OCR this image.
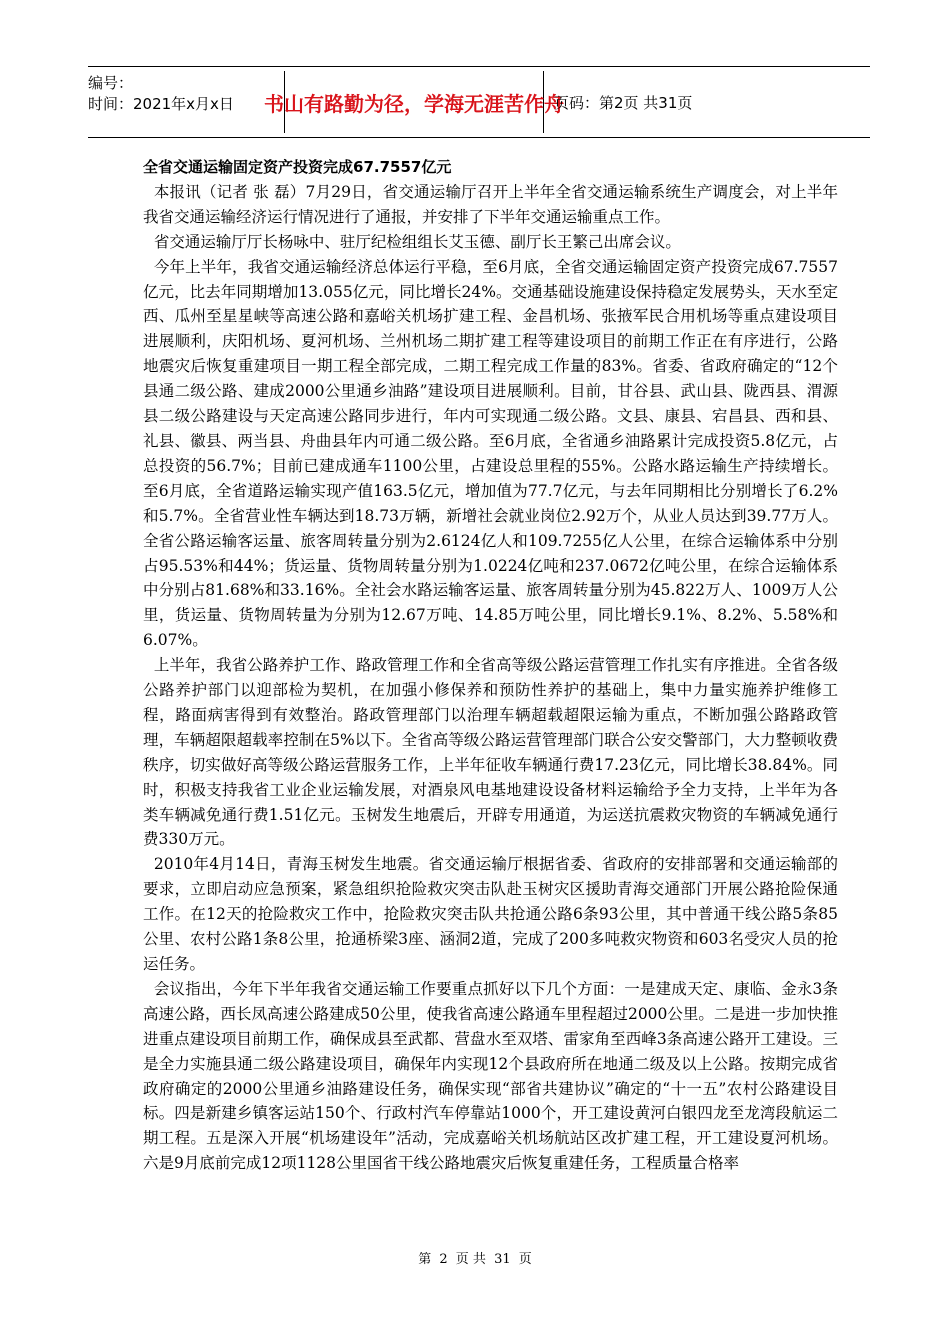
编号：
时间：2021年x月x日	书山有路勤为径，学海无涯苦作舟
页码：第2页 共31页
全省交通运输固定资产投资完成67.7557亿元
本报讯（记者 张 磊）7月29日，省交通运输厅召开上半年全省交通运输系统生产调度会，对上半年我省交通运输经济运行情况进行了通报，并安排了下半年交通运输重点工作。
省交通运输厅厅长杨咏中、驻厅纪检组组长艾玉德、副厅长王繁己出席会议。
今年上半年，我省交通运输经济总体运行平稳，至6月底，全省交通运输固定资产投资完成67.7557亿元，比去年同期增加13.055亿元，同比增长24%。交通基础设施建设保持稳定发展势头，天水至定西、瓜州至星星峡等高速公路和嘉峪关机场扩建工程、金昌机场、张掖军民合用机场等重点建设项目进展顺利，庆阳机场、夏河机场、兰州机场二期扩建工程等建设项目的前期工作正在有序进行，公路地震灾后恢复重建项目一期工程全部完成，二期工程完成工作量的83%。省委、省政府确定的“12个县通二级公路、建成2000公里通乡油路”建设项目进展顺利。目前，甘谷县、武山县、陇西县、渭源县二级公路建设与天定高速公路同步进行，年内可实现通二级公路。文县、康县、宕昌县、西和县、礼县、徽县、两当县、舟曲县年内可通二级公路。至6月底，全省通乡油路累计完成投资5.8亿元，占总投资的56.7%；目前已建成通车1100公里，占建设总里程的55%。公路水路运输生产持续增长。至6月底，全省道路运输实现产值163.5亿元，增加值为77.7亿元，与去年同期相比分别增长了6.2%和5.7%。全省营业性车辆达到18.73万辆，新增社会就业岗位2.92万个，从业人员达到39.77万人。全省公路运输客运量、旅客周转量分别为2.6124亿人和109.7255亿人公里，在综合运输体系中分别占95.53%和44%；货运量、货物周转量分别为1.0224亿吨和237.0672亿吨公里，在综合运输体系中分别占81.68%和33.16%。全社会水路运输客运量、旅客周转量分别为45.822万人、1009万人公里，货运量、货物周转量为分别为12.67万吨、14.85万吨公里，同比增长9.1%、8.2%、5.58%和6.07%。
上半年，我省公路养护工作、路政管理工作和全省高等级公路运营管理工作扎实有序推进。全省各级公路养护部门以迎部检为契机，在加强小修保养和预防性养护的基础上，集中力量实施养护维修工程，路面病害得到有效整治。路政管理部门以治理车辆超载超限运输为重点，不断加强公路路政管理，车辆超限超载率控制在5%以下。全省高等级公路运营管理部门联合公安交警部门，大力整顿收费秩序，切实做好高等级公路运营服务工作，上半年征收车辆通行费17.23亿元，同比增长38.84%。同时，积极支持我省工业企业运输发展，对酒泉风电基地建设设备材料运输给予全力支持，上半年为各类车辆减免通行费1.51亿元。玉树发生地震后，开辟专用通道，为运送抗震救灾物资的车辆减免通行费330万元。
2010年4月14日，青海玉树发生地震。省交通运输厅根据省委、省政府的安排部署和交通运输部的要求，立即启动应急预案，紧急组织抢险救灾突击队赴玉树灾区援助青海交通部门开展公路抢险保通工作。在12天的抢险救灾工作中，抢险救灾突击队共抢通公路6条93公里，其中普通干线公路5条85公里、农村公路1条8公里，抢通桥梁3座、涵洞2道，完成了200多吨救灾物资和603名受灾人员的抢运任务。
会议指出，今年下半年我省交通运输工作要重点抓好以下几个方面：一是建成天定、康临、金永3条高速公路，西长凤高速公路建成50公里，使我省高速公路通车里程超过2000公里。二是进一步加快推进重点建设项目前期工作，确保成县至武都、营盘水至双塔、雷家角至西峰3条高速公路开工建设。三是全力实施县通二级公路建设项目，确保年内实现12个县政府所在地通二级及以上公路。按期完成省政府确定的2000公里通乡油路建设任务，确保实现“部省共建协议”确定的“十一五”农村公路建设目标。四是新建乡镇客运站150个、行政村汽车停靠站1000个，开工建设黄河白银四龙至龙湾段航运二期工程。五是深入开展“机场建设年”活动，完成嘉峪关机场航站区改扩建工程，开工建设夏河机场。六是9月底前完成12项1128公里国省干线公路地震灾后恢复重建任务，工程质量合格率
第 2 页 共 31 页
